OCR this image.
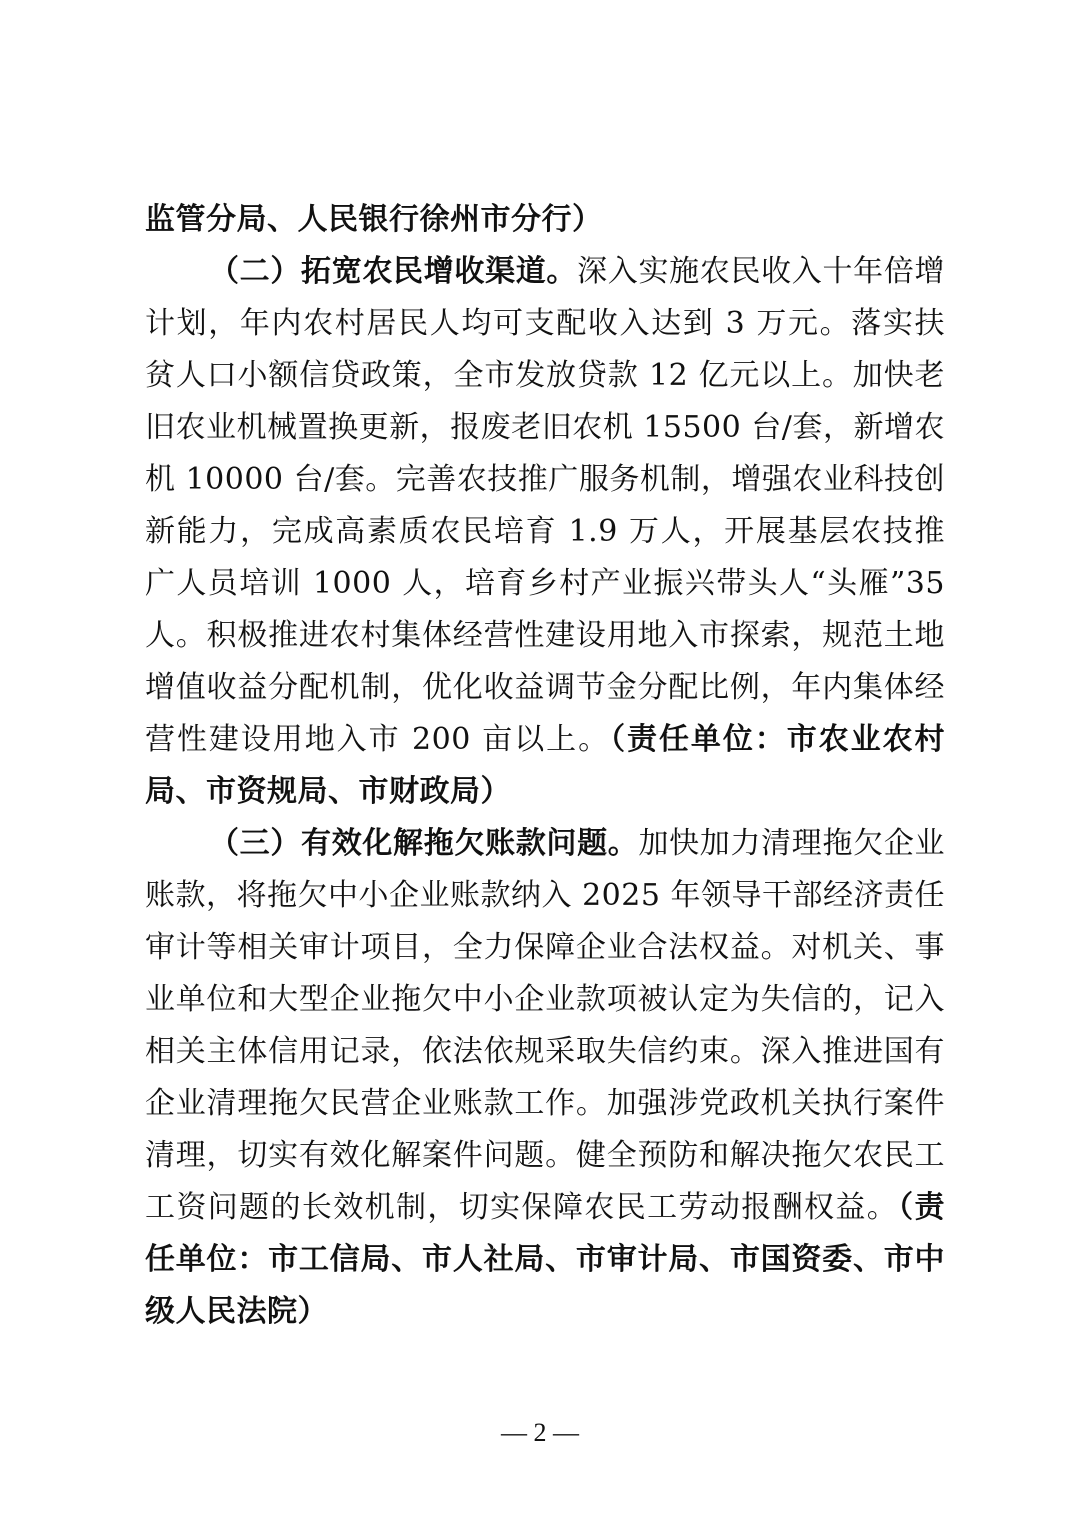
监管分局、人民银行徐州市分行）

（二）拓宽农民增收渠道。深入实施农民收入十年倍增计划，年内农村居民人均可支配收入达到 3 万元。落实扶贫人口小额信贷政策，全市发放贷款 12 亿元以上。加快老旧农业机械置换更新，报废老旧农机 15500 台/套，新增农机 10000 台/套。完善农技推广服务机制，增强农业科技创新能力，完成高素质农民培育 1.9 万人，开展基层农技推广人员培训 1000 人，培育乡村产业振兴带头人“头雁”35 人。积极推进农村集体经营性建设用地入市探索，规范土地增值收益分配机制，优化收益调节金分配比例，年内集体经营性建设用地入市 200 亩以上。（责任单位：市农业农村局、市资规局、市财政局）

（三）有效化解拖欠账款问题。加快加力清理拖欠企业账款，将拖欠中小企业账款纳入 2025 年领导干部经济责任审计等相关审计项目，全力保障企业合法权益。对机关、事业单位和大型企业拖欠中小企业款项被认定为失信的，记入相关主体信用记录，依法依规采取失信约束。深入推进国有企业清理拖欠民营企业账款工作。加强涉党政机关执行案件清理，切实有效化解案件问题。健全预防和解决拖欠农民工工资问题的长效机制，切实保障农民工劳动报酬权益。（责任单位：市工信局、市人社局、市审计局、市国资委、市中级人民法院）

— 2 —
